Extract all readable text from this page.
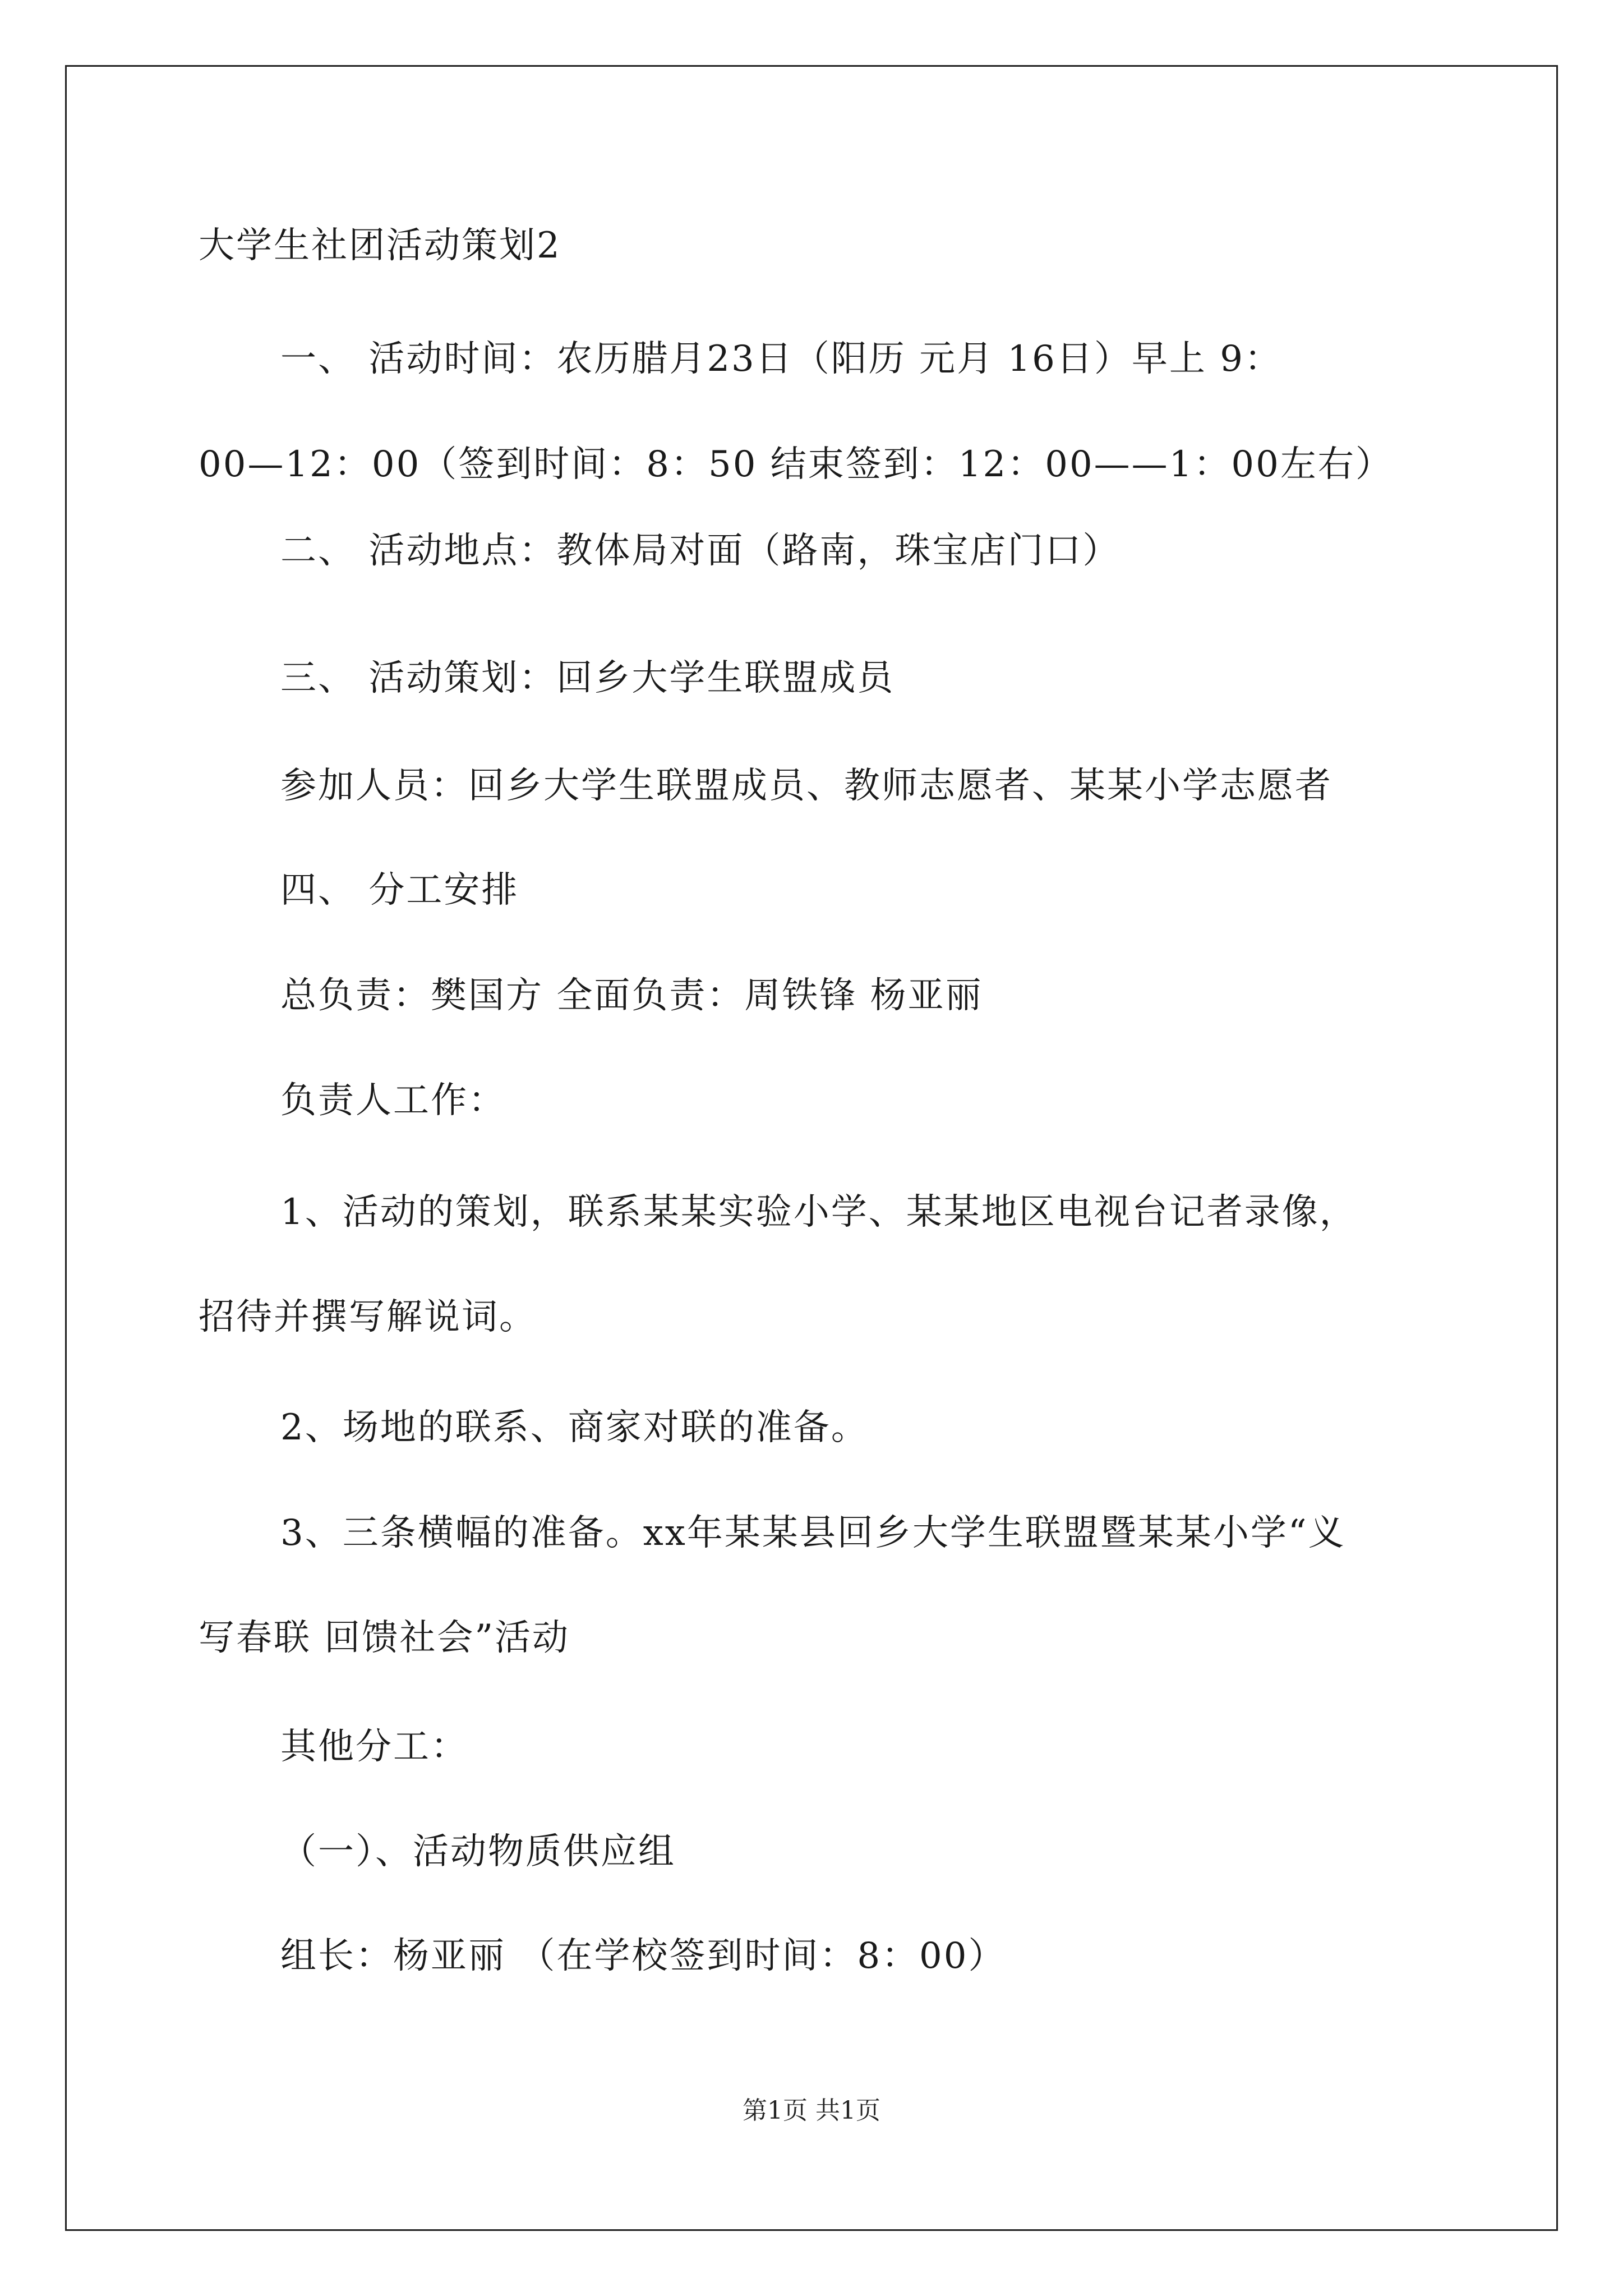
大学生社团活动策划2
一、 活动时间：农历腊月23日（阳历 元月 16日）早上 9：
00—12：00（签到时间：8：50 结束签到：12：00——1：00左右）
二、 活动地点：教体局对面（路南，珠宝店门口）
三、 活动策划：回乡大学生联盟成员
参加人员：回乡大学生联盟成员、教师志愿者、某某小学志愿者
四、 分工安排
总负责：樊国方 全面负责：周铁锋 杨亚丽
负责人工作：
1、活动的策划，联系某某实验小学、某某地区电视台记者录像，
招待并撰写解说词。
2、场地的联系、商家对联的准备。
3、三条横幅的准备。xx年某某县回乡大学生联盟暨某某小学“义
写春联 回馈社会”活动
其他分工：
（一）、活动物质供应组
组长：杨亚丽 （在学校签到时间：8：00）
第1页 共1页
